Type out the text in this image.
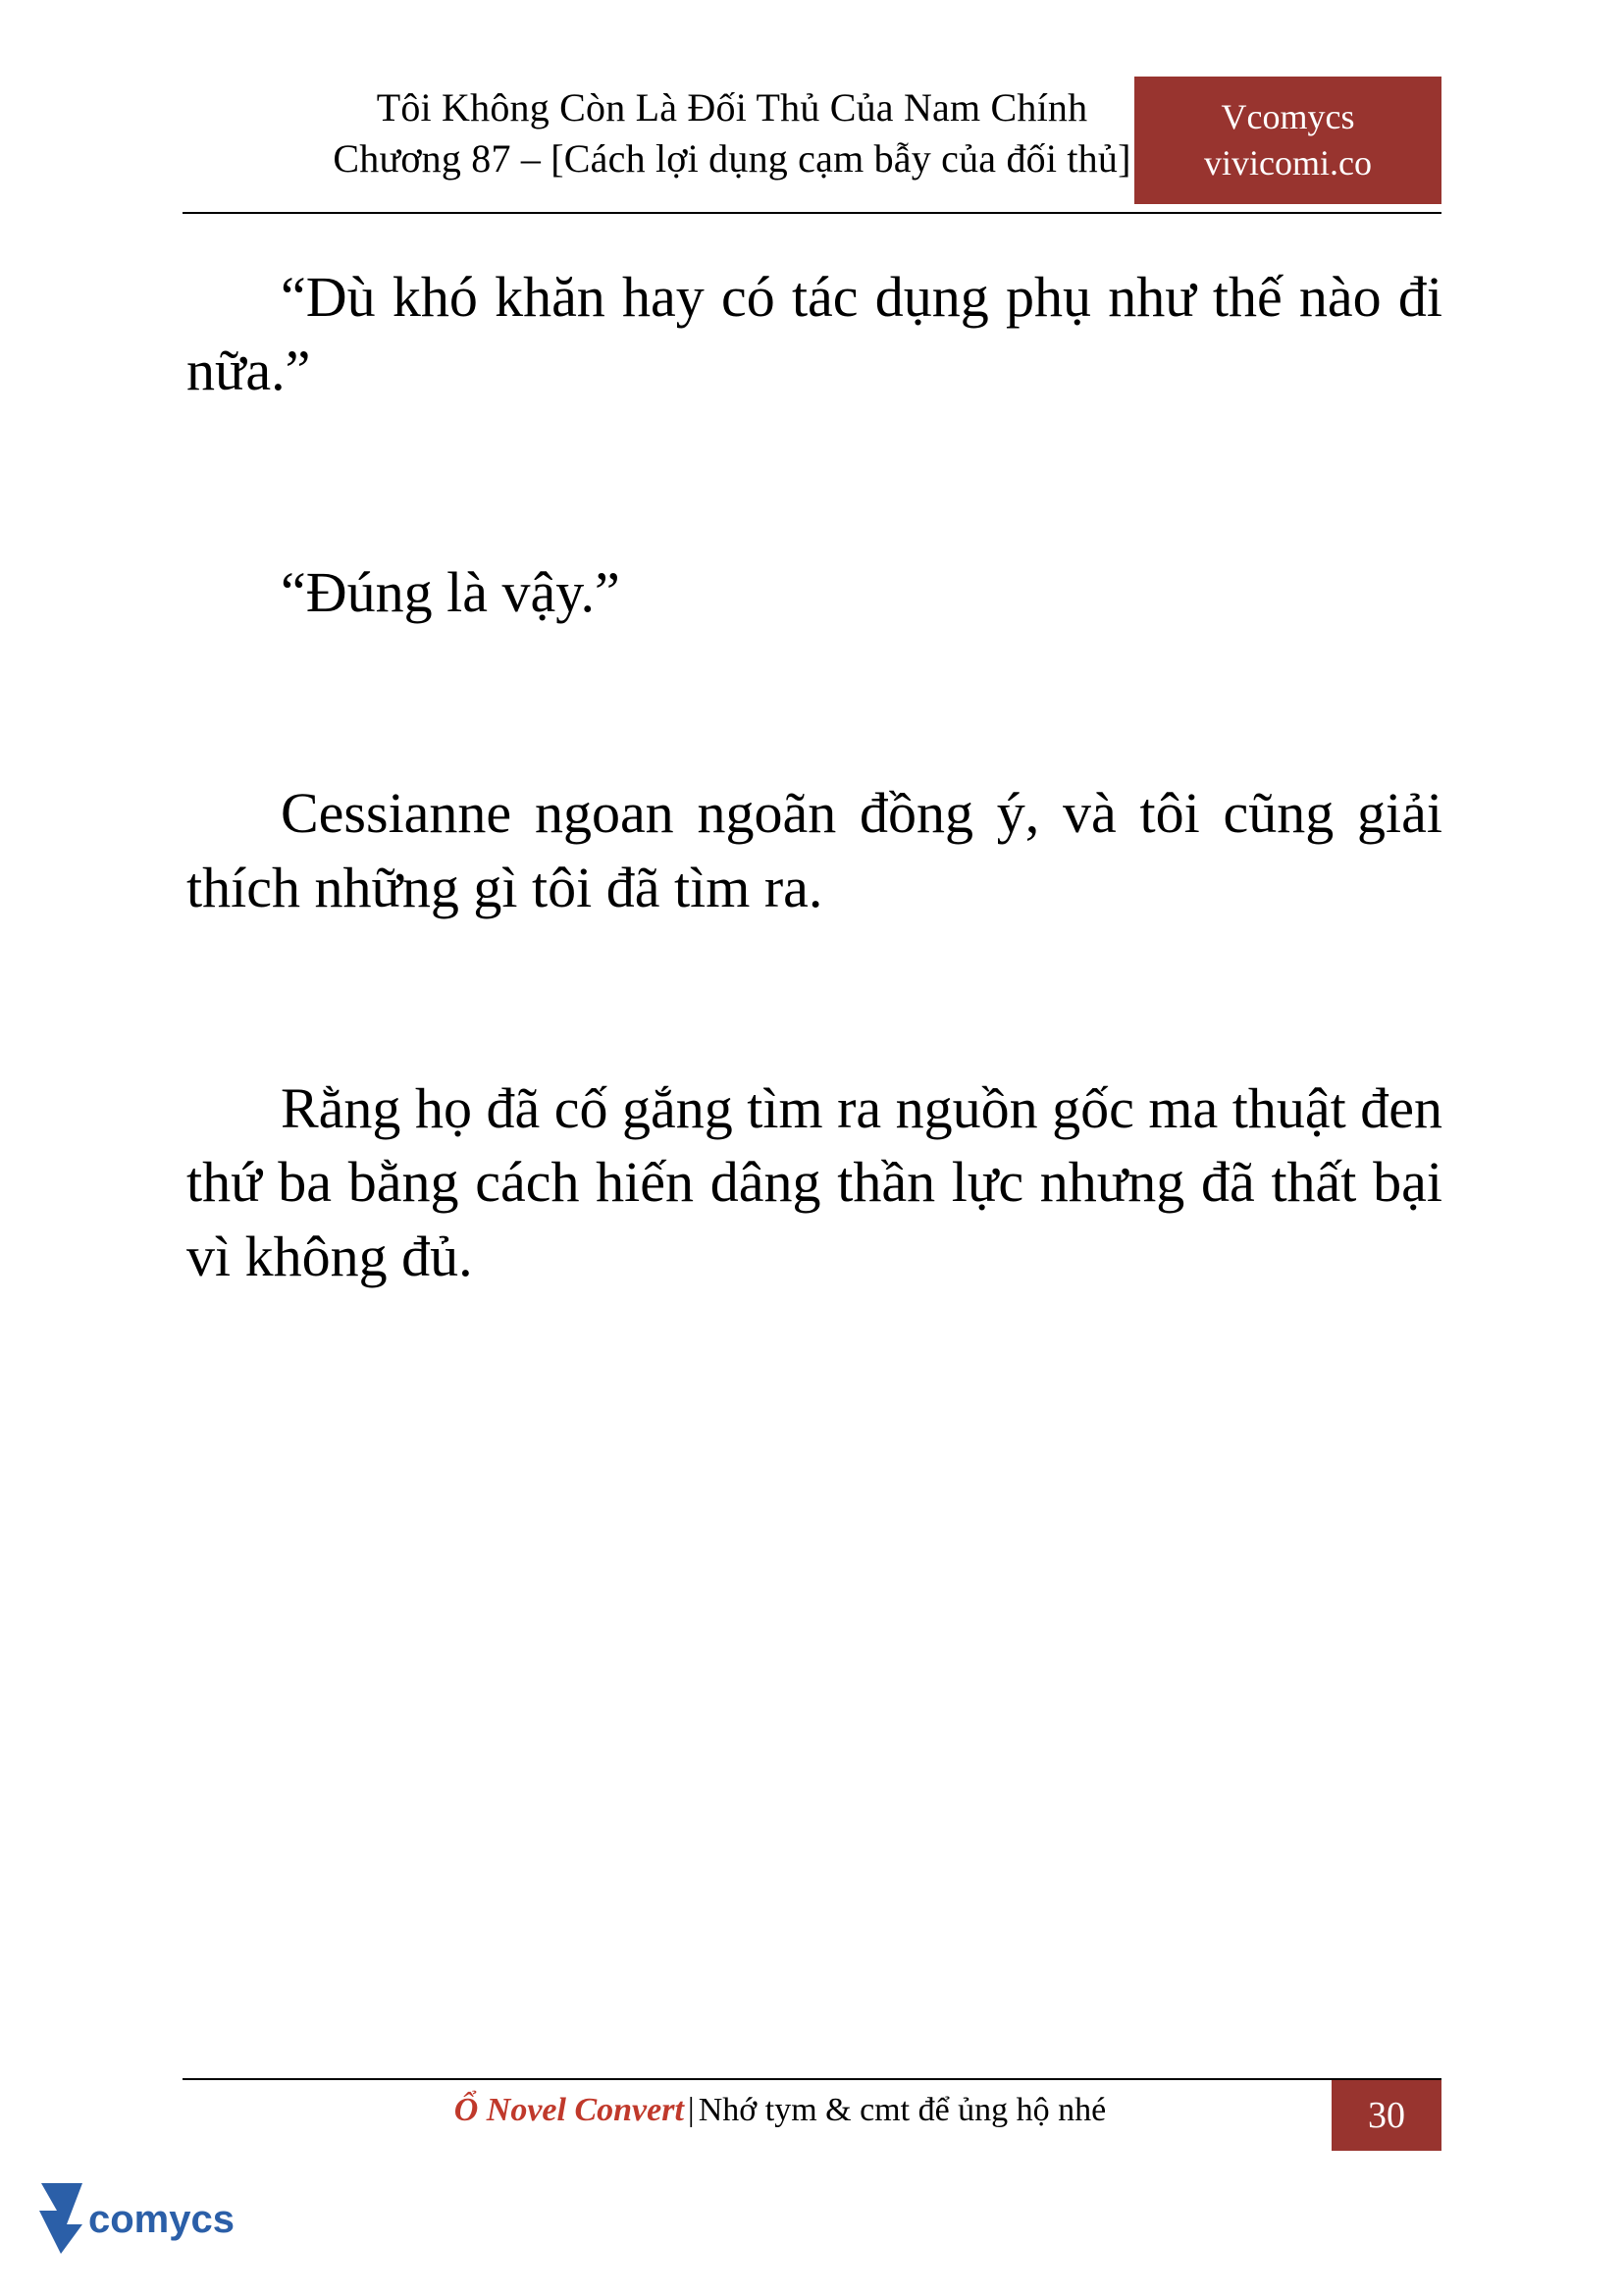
Tôi Không Còn Là Đối Thủ Của Nam Chính
Chương 87 – [Cách lợi dụng cạm bẫy của đối thủ]
Vcomycs
vivicomi.co

“Dù khó khăn hay có tác dụng phụ như thế nào đi nữa.”

“Đúng là vậy.”

Cessianne ngoan ngoãn đồng ý, và tôi cũng giải thích những gì tôi đã tìm ra.

Rằng họ đã cố gắng tìm ra nguồn gốc ma thuật đen thứ ba bằng cách hiến dâng thần lực nhưng đã thất bại vì không đủ.

Ổ Novel Convert | Nhớ tym & cmt để ủng hộ nhé	30
comycs
